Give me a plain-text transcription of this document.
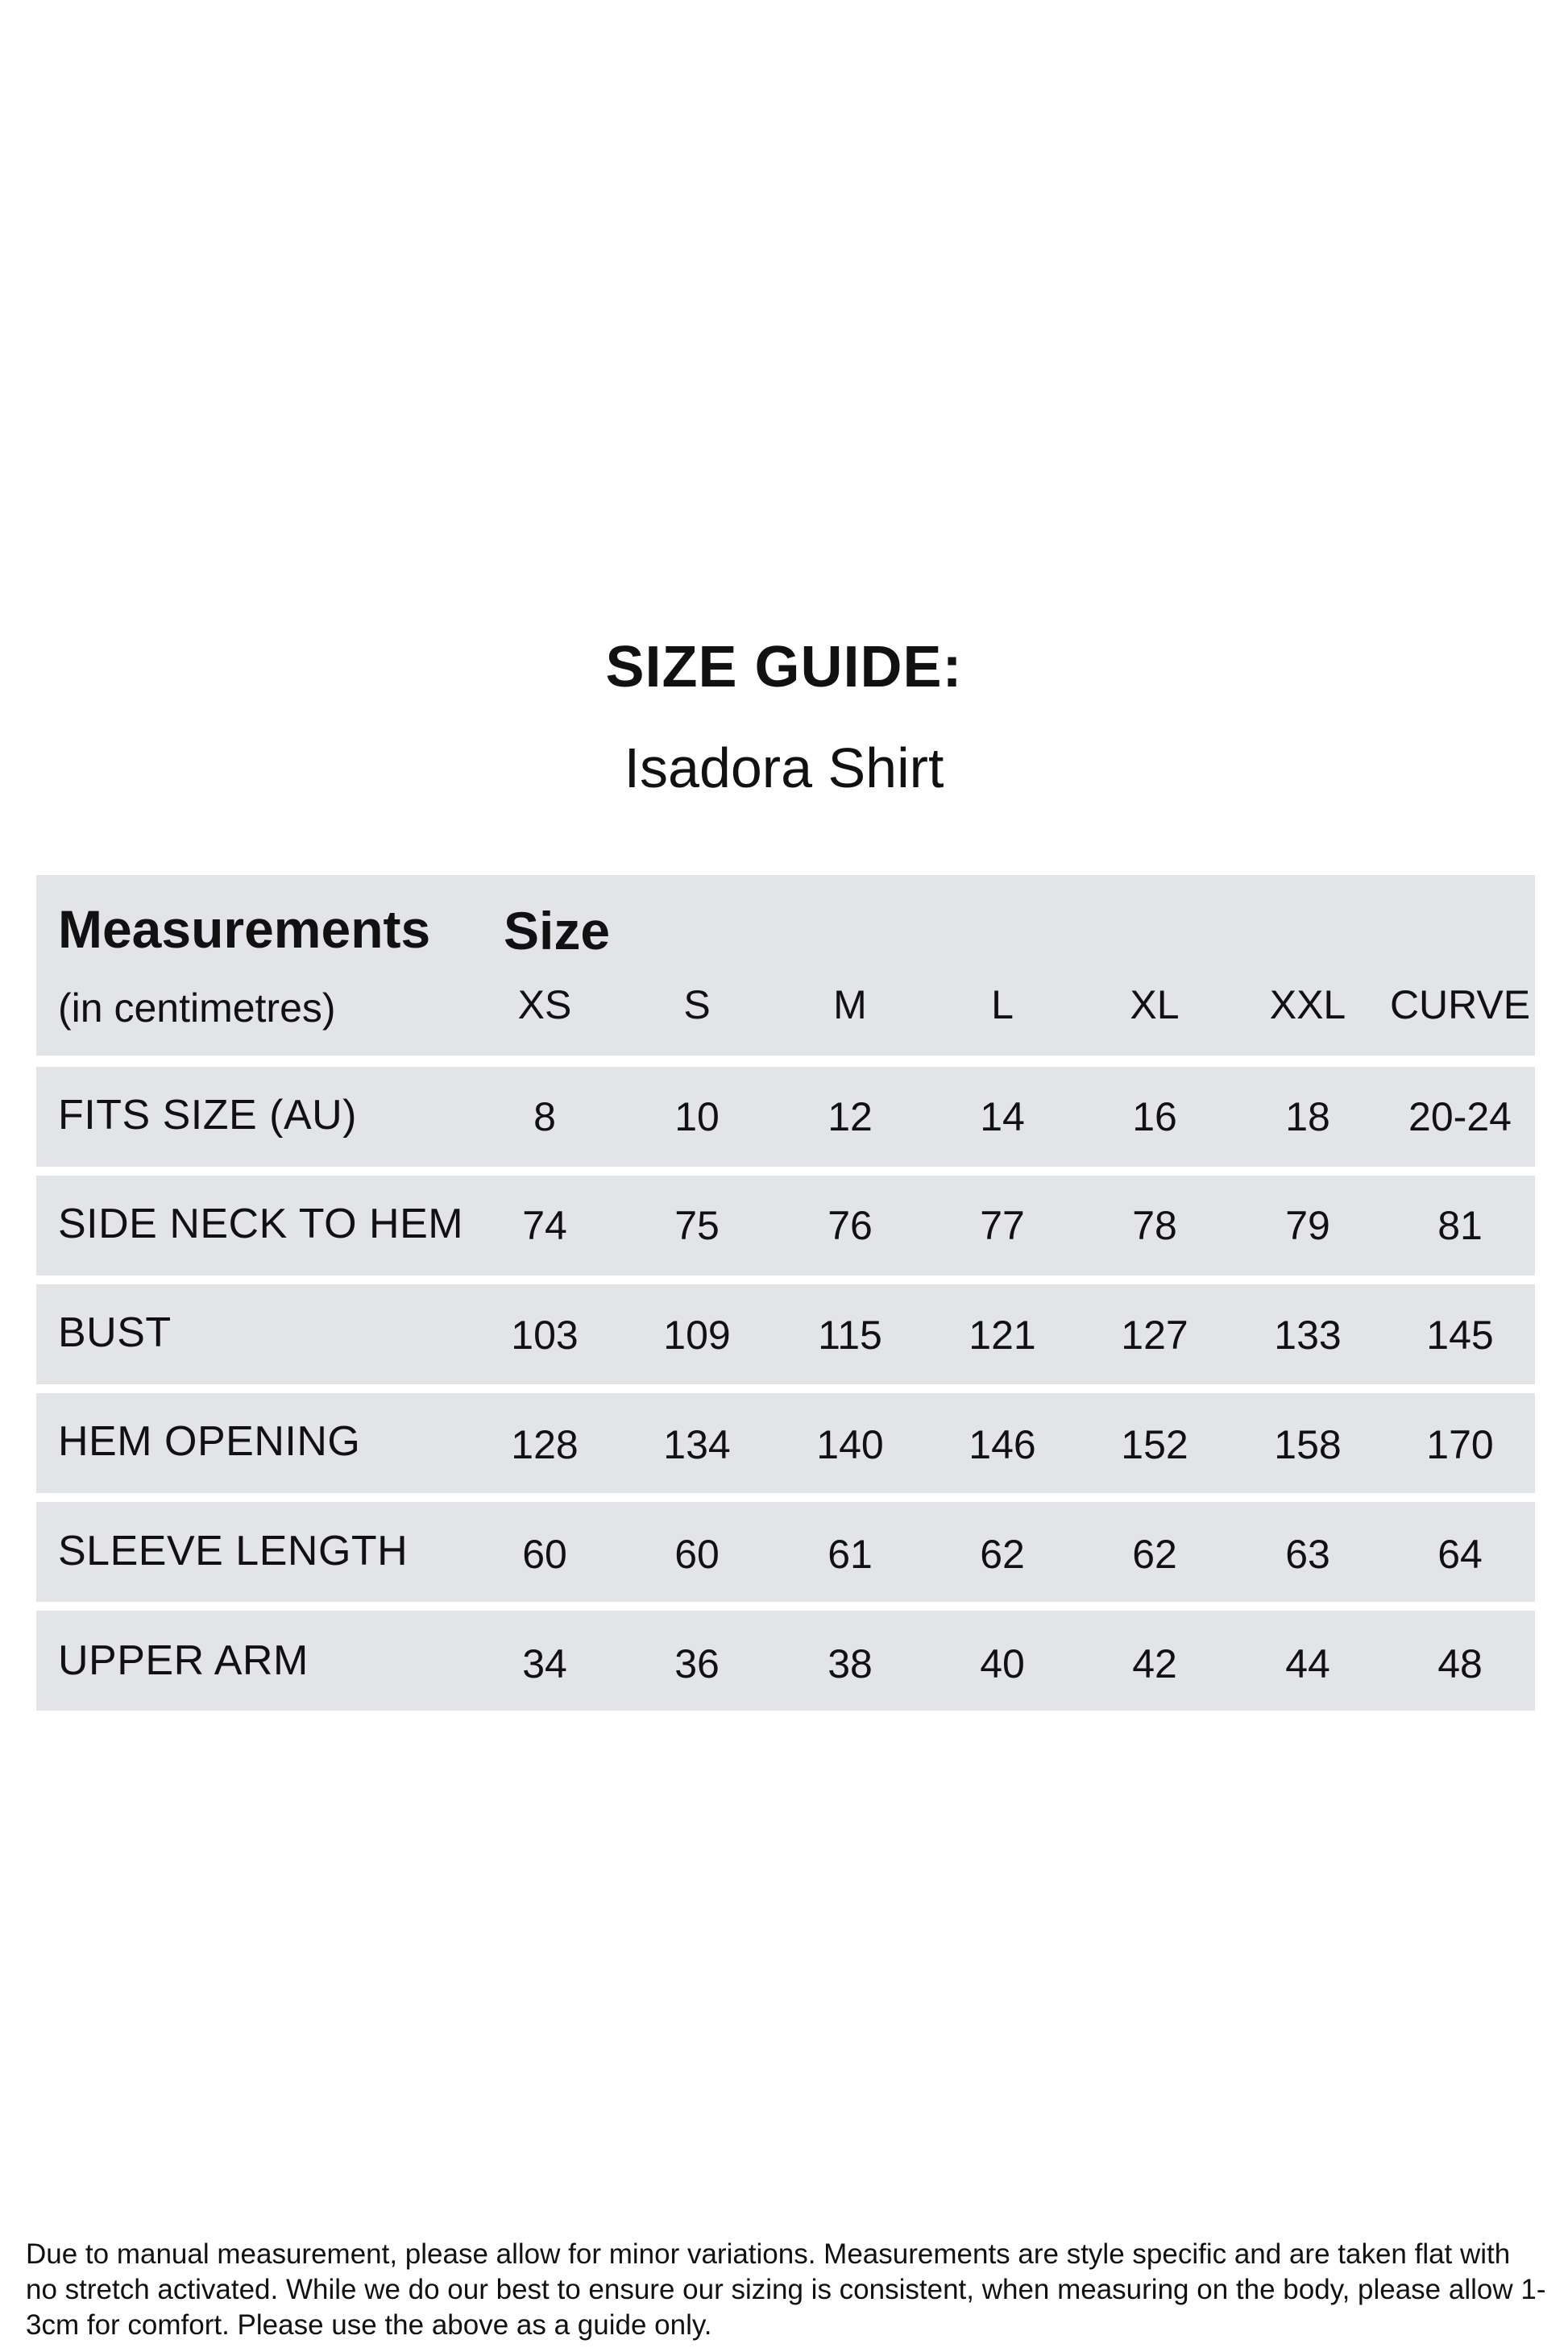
SIZE GUIDE:
Isadora Shirt
Measurements
(in centimetres)
Size
XS	S	M	L	XL	XXL	CURVE
FITS SIZE (AU)	8	10	12	14	16	18	20-24
SIDE NECK TO HEM	74	75	76	77	78	79	81
BUST	103	109	115	121	127	133	145
HEM OPENING	128	134	140	146	152	158	170
SLEEVE LENGTH	60	60	61	62	62	63	64
UPPER ARM	34	36	38	40	42	44	48

Due to manual measurement, please allow for minor variations. Measurements are style specific and are taken flat with no stretch activated. While we do our best to ensure our sizing is consistent, when measuring on the body, please allow 1-3cm for comfort. Please use the above as a guide only.
